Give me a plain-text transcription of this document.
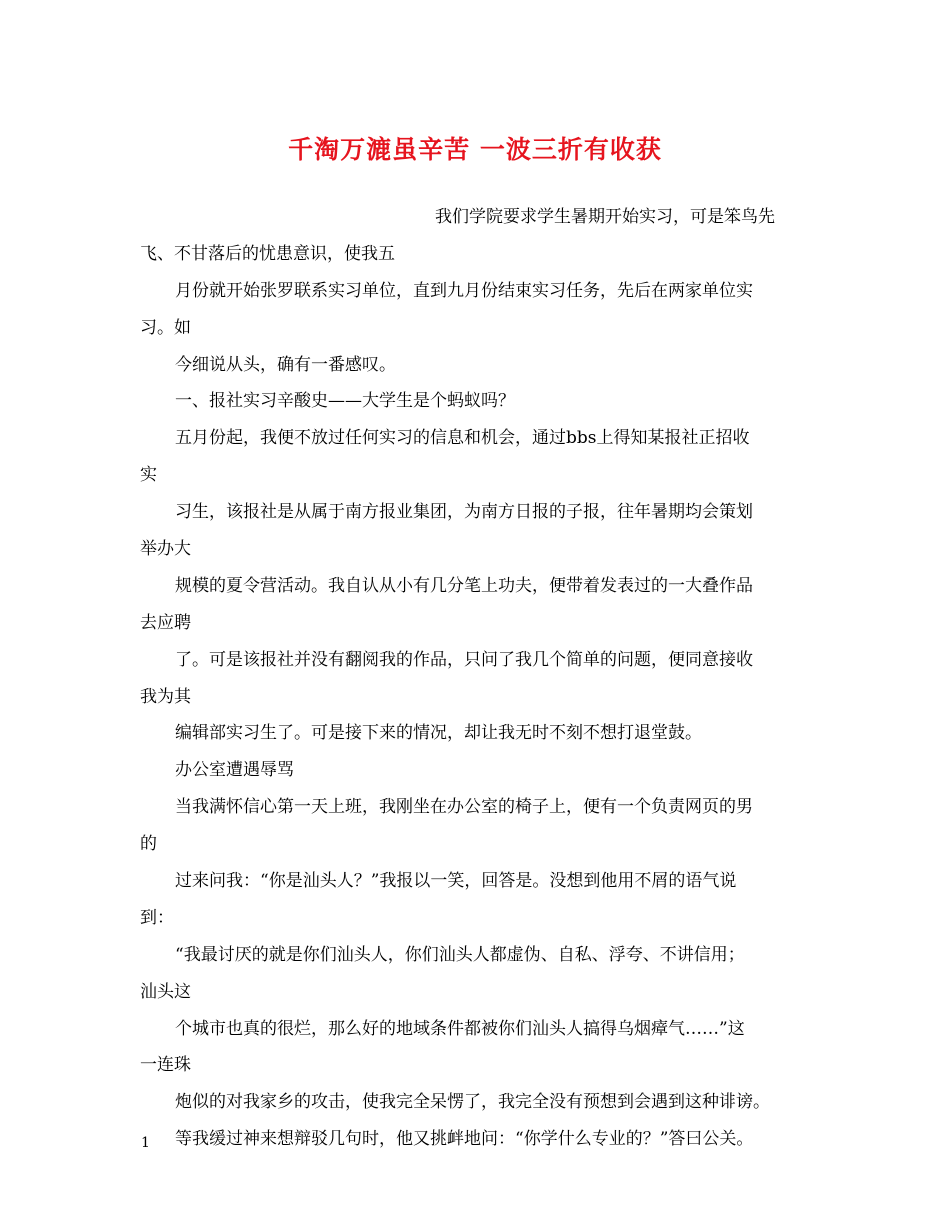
千淘万漉虽辛苦 一波三折有收获
我们学院要求学生暑期开始实习，可是笨鸟先
飞、不甘落后的忧患意识，使我五
月份就开始张罗联系实习单位，直到九月份结束实习任务，先后在两家单位实
习。如
今细说从头，确有一番感叹。
一、报社实习辛酸史——大学生是个蚂蚁吗？
五月份起，我便不放过任何实习的信息和机会，通过bbs上得知某报社正招收
实
习生，该报社是从属于南方报业集团，为南方日报的子报，往年暑期均会策划
举办大
规模的夏令营活动。我自认从小有几分笔上功夫，便带着发表过的一大叠作品
去应聘
了。可是该报社并没有翻阅我的作品，只问了我几个简单的问题，便同意接收
我为其
编辑部实习生了。可是接下来的情况，却让我无时不刻不想打退堂鼓。
办公室遭遇辱骂
当我满怀信心第一天上班，我刚坐在办公室的椅子上，便有一个负责网页的男
的
过来问我：“你是汕头人？”我报以一笑，回答是。没想到他用不屑的语气说
到：
“我最讨厌的就是你们汕头人，你们汕头人都虚伪、自私、浮夸、不讲信用；
汕头这
个城市也真的很烂，那么好的地域条件都被你们汕头人搞得乌烟瘴气……”这
一连珠
炮似的对我家乡的攻击，使我完全呆愣了，我完全没有预想到会遇到这种诽谤。
等我缓过神来想辩驳几句时，他又挑衅地问：“你学什么专业的？”答曰公关。
1
